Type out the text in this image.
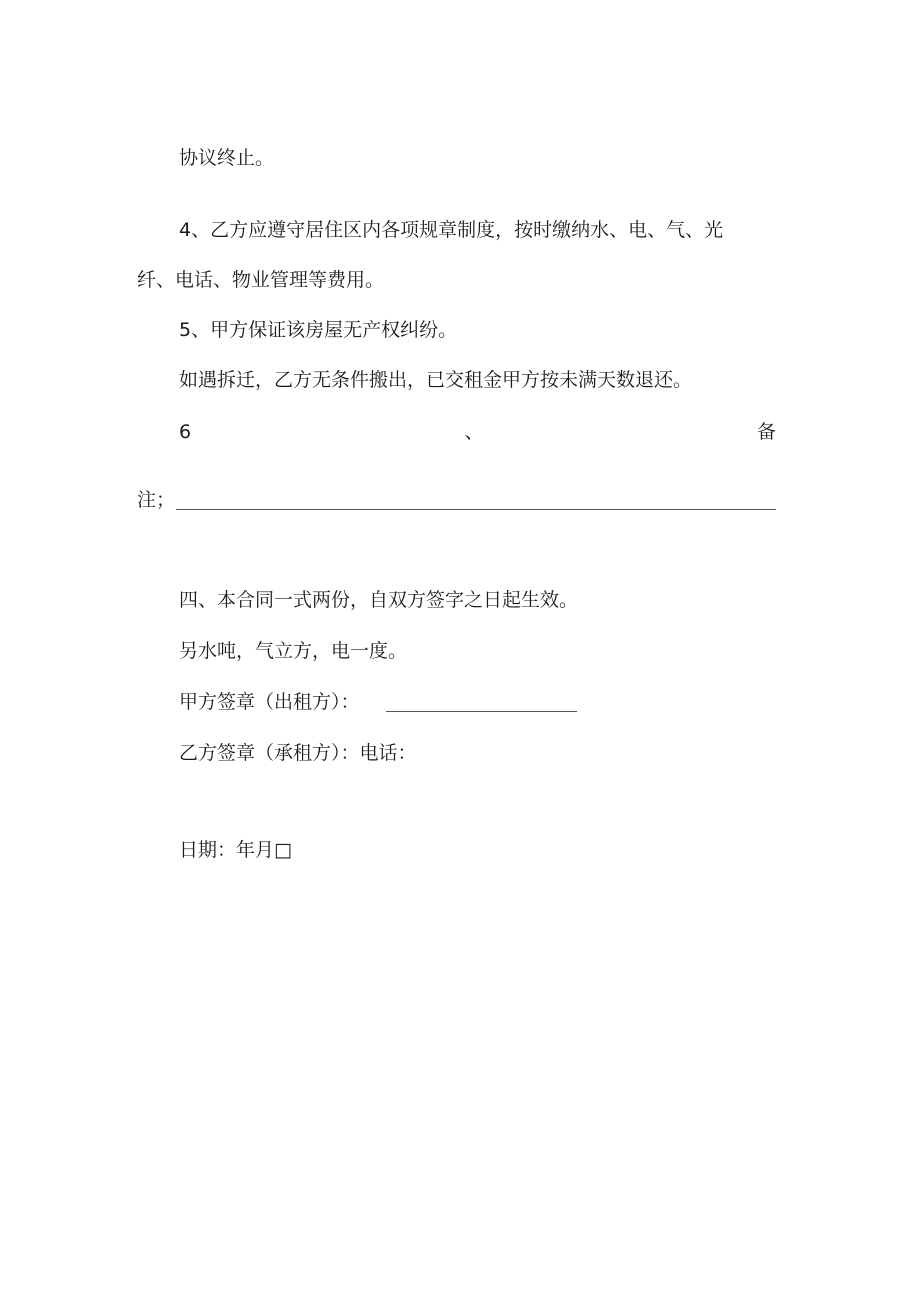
协议终止。
4、乙方应遵守居住区内各项规章制度，按时缴纳水、电、气、光
纤、电话、物业管理等费用。
5、甲方保证该房屋无产权纠纷。
如遇拆迁，乙方无条件搬出，已交租金甲方按未满天数退还。
6	、	备
注；
四、本合同一式两份，自双方签字之日起生效。
另水吨，气立方，电一度。
甲方签章（出租方）：
乙方签章（承租方）：电话：
日期：年月□
